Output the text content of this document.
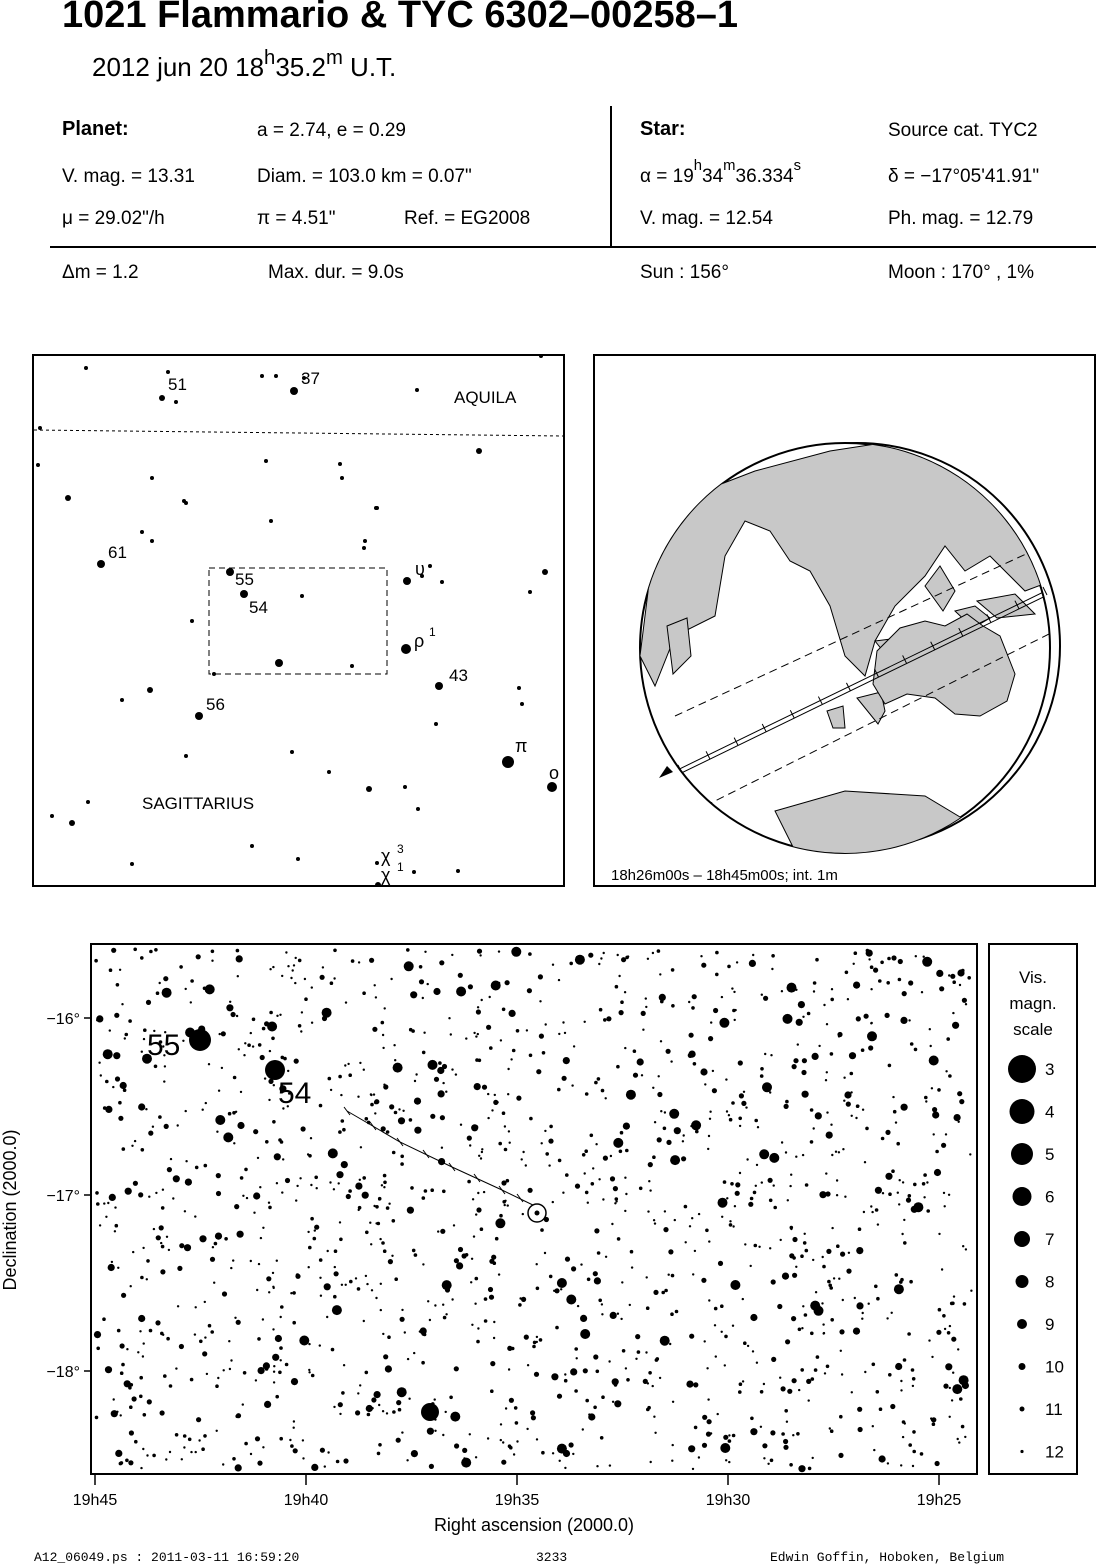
1021 Flammario & TYC 6302–00258–1
2012 jun 20 18$^h$35.2$^m$ U.T.
Planet:	a = 2.74, e = 0.29
V. mag. = 13.31	Diam. = 103.0 km = 0.07"
μ = 29.02"/h	π = 4.51"	Ref. = EG2008
Star:	Source cat. TYC2
$\alpha = 19^h34^m36.334^s$	δ = −17°05'41.91"
V. mag. = 12.54	Ph. mag. = 12.79
Δm = 1.2	Max. dur. = 9.0s	Sun : 156°	Moon : 170° , 1%
AQUILA
SAGITTARIUS
51	37
61
55
54
56
43
υ
ρ 1
π
o
χ 3
χ 1	18h26m00s – 18h45m00s; int. 1m
55
54
19h45	19h40	19h35	19h30	19h25
−16°
−17°
−18°
Right ascension (2000.0)
Declination (2000.0)
Vis.
magn.
scale
3
4
5
6
7
8
9
10
11
12
A12_06049.ps : 2011-03-11 16:59:20	3233	Edwin Goffin, Hoboken, Belgium
